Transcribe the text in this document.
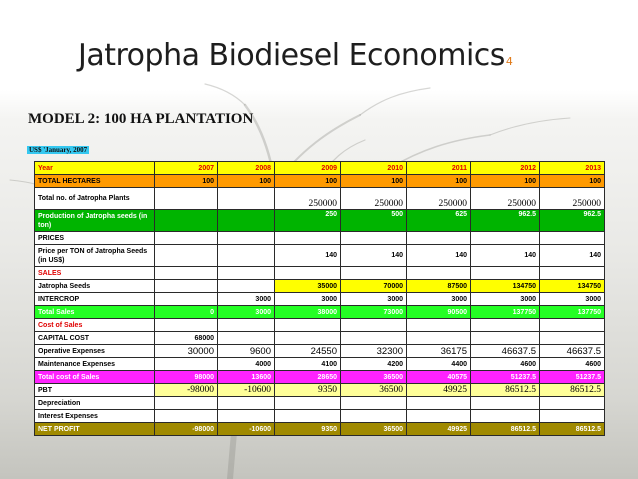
Jatropha Biodiesel Economics4
MODEL 2: 100 HA PLANTATION
US$ 'January, 2007
Year	2007	2008	2009	2010	2011	2012	2013
TOTAL HECTARES	100	100	100	100	100	100	100
Total no. of Jatropha Plants			250000	250000	250000	250000	250000
Production of Jatropha seeds (in ton)			250	500	625	962.5	962.5
PRICES							
Price per TON of Jatropha Seeds (in US$)			140	140	140	140	140
SALES							
Jatropha Seeds			35000	70000	87500	134750	134750
INTERCROP		3000	3000	3000	3000	3000	3000
Total Sales	0	3000	38000	73000	90500	137750	137750
Cost of Sales							
CAPITAL COST	68000						
Operative Expenses	30000	9600	24550	32300	36175	46637.5	46637.5
Maintenance Expenses		4000	4100	4200	4400	4600	4600
Total cost of Sales	98000	13600	28650	36500	40575	51237.5	51237.5
PBT	-98000	-10600	9350	36500	49925	86512.5	86512.5
Depreciation							
Interest Expenses							
NET PROFIT	-98000	-10600	9350	36500	49925	86512.5	86512.5
